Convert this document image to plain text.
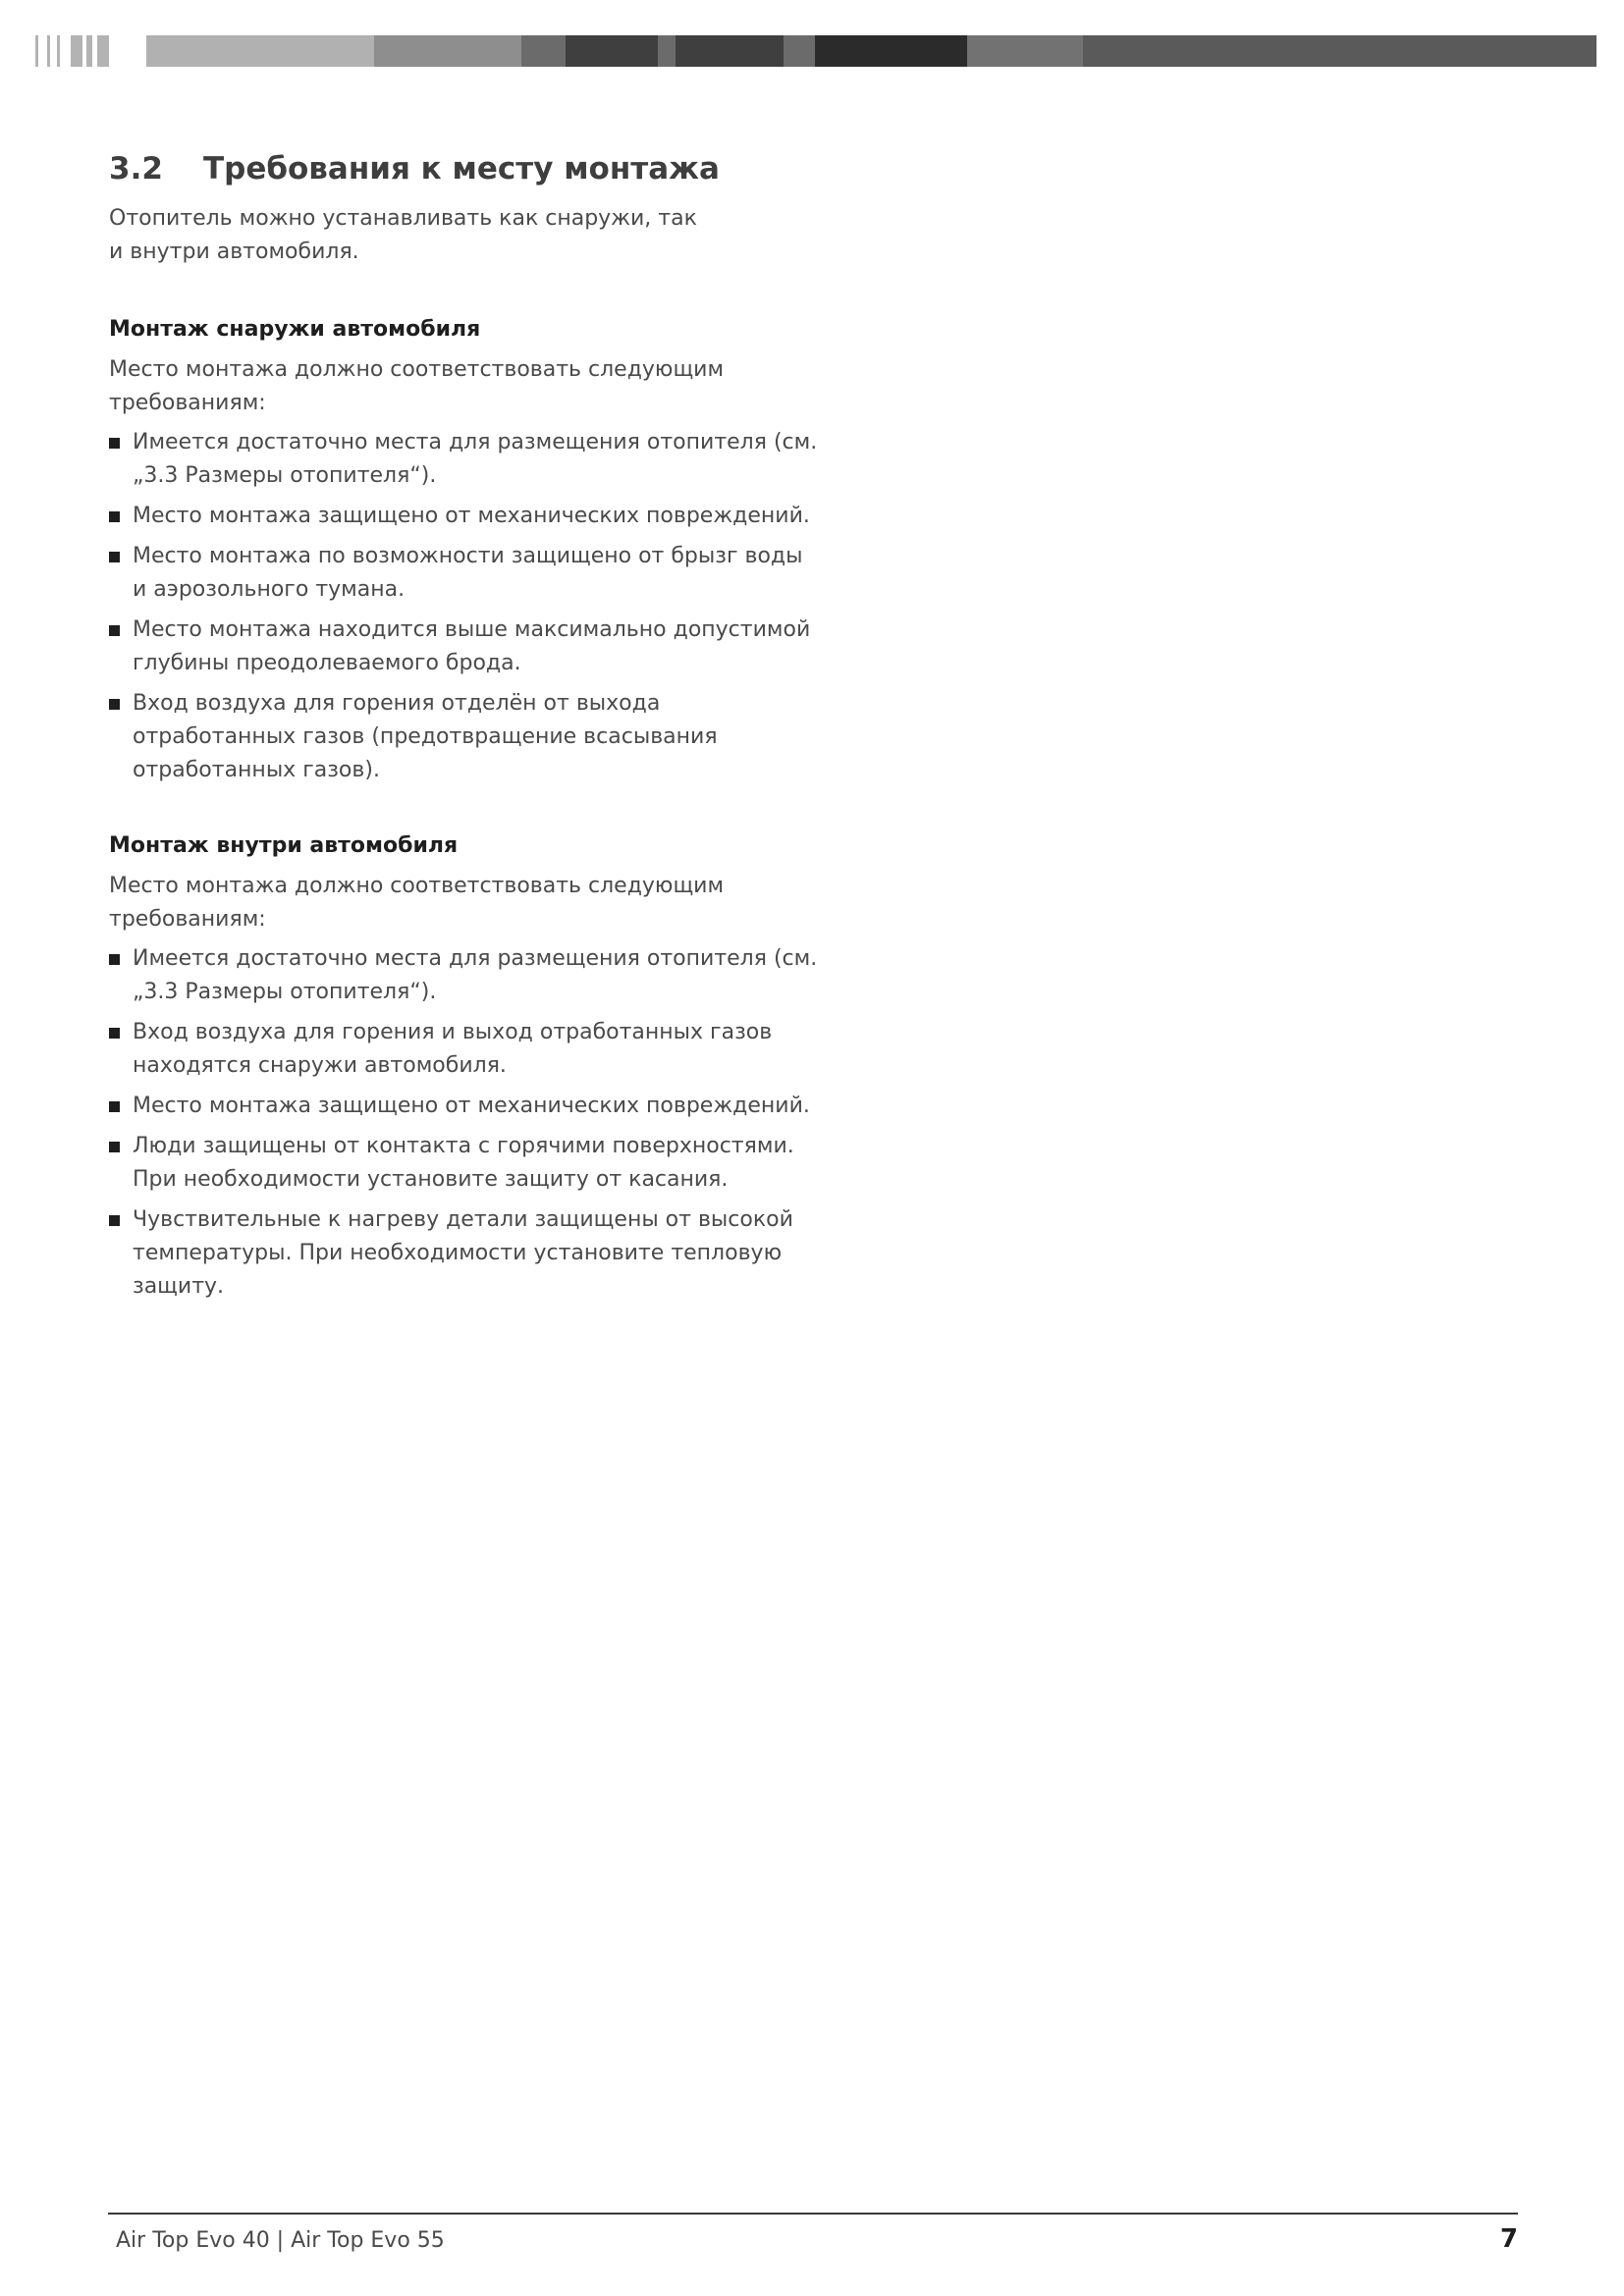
3.2	Требования к месту монтажа

Отопитель можно устанавливать как снаружи, так и внутри автомобиля.

Монтаж снаружи автомобиля

Место монтажа должно соответствовать следующим требованиям:

Имеется достаточно места для размещения отопителя (см. „3.3 Размеры отопителя“).
Место монтажа защищено от механических повреждений.
Место монтажа по возможности защищено от брызг воды и аэрозольного тумана.
Место монтажа находится выше максимально допустимой глубины преодолеваемого брода.
Вход воздуха для горения отделён от выхода отработанных газов (предотвращение всасывания отработанных газов).
Монтаж внутри автомобиля

Место монтажа должно соответствовать следующим требованиям:

Имеется достаточно места для размещения отопителя (см. „3.3 Размеры отопителя“).
Вход воздуха для горения и выход отработанных газов находятся снаружи автомобиля.
Место монтажа защищено от механических повреждений.
Люди защищены от контакта с горячими поверхностями. При необходимости установите защиту от касания.
Чувствительные к нагреву детали защищены от высокой температуры. При необходимости установите тепловую защиту.
Air Top Evo 40 | Air Top Evo 55	7
